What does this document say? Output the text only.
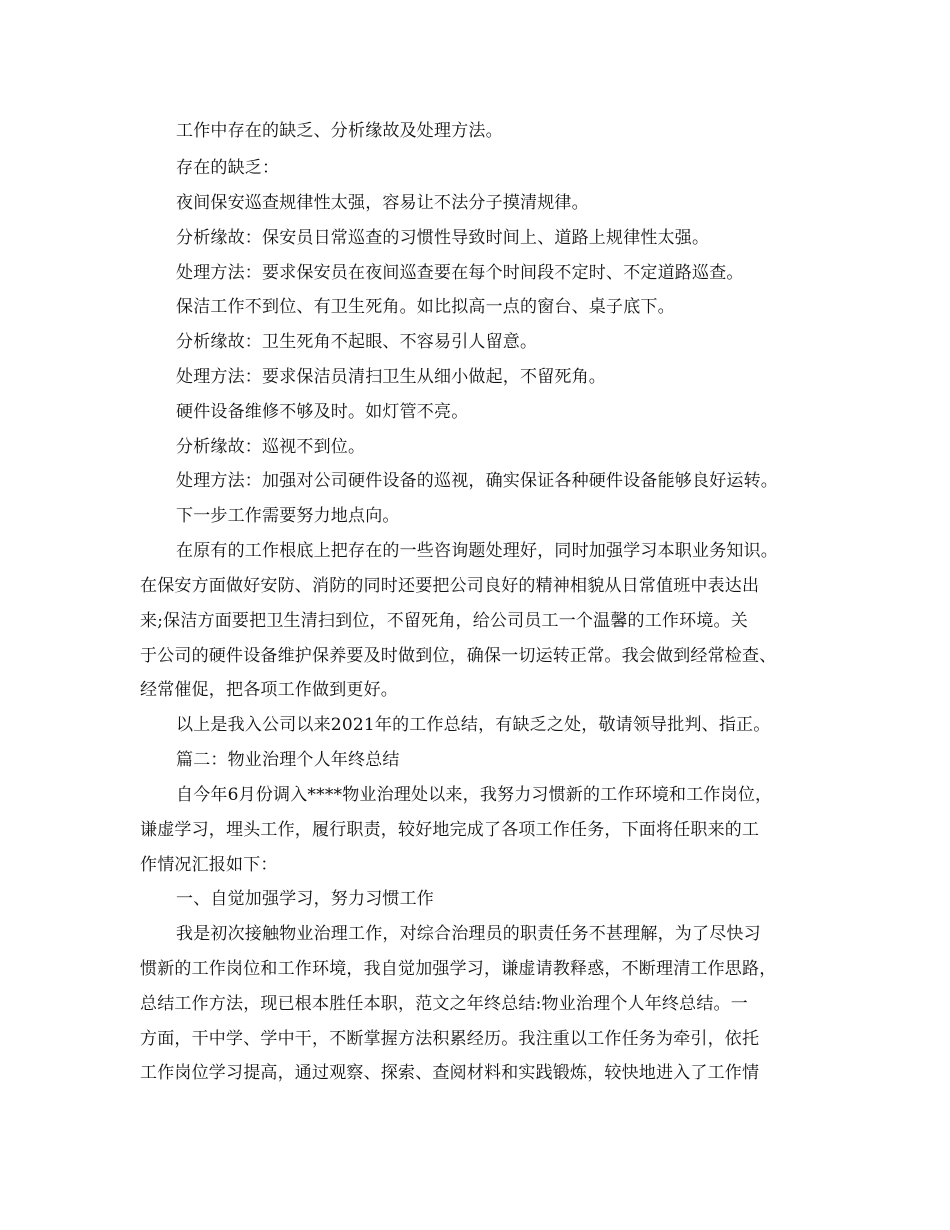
工作中存在的缺乏、分析缘故及处理方法。
存在的缺乏：
夜间保安巡查规律性太强，容易让不法分子摸清规律。
分析缘故：保安员日常巡查的习惯性导致时间上、道路上规律性太强。
处理方法：要求保安员在夜间巡查要在每个时间段不定时、不定道路巡查。
保洁工作不到位、有卫生死角。如比拟高一点的窗台、桌子底下。
分析缘故：卫生死角不起眼、不容易引人留意。
处理方法：要求保洁员清扫卫生从细小做起，不留死角。
硬件设备维修不够及时。如灯管不亮。
分析缘故：巡视不到位。
处理方法：加强对公司硬件设备的巡视，确实保证各种硬件设备能够良好运转。
下一步工作需要努力地点向。
在原有的工作根底上把存在的一些咨询题处理好，同时加强学习本职业务知识。
在保安方面做好安防、消防的同时还要把公司良好的精神相貌从日常值班中表达出
来;保洁方面要把卫生清扫到位，不留死角，给公司员工一个温馨的工作环境。关
于公司的硬件设备维护保养要及时做到位，确保一切运转正常。我会做到经常检查、
经常催促，把各项工作做到更好。
以上是我入公司以来2021年的工作总结，有缺乏之处，敬请领导批判、指正。
篇二：物业治理个人年终总结
自今年6月份调入****物业治理处以来，我努力习惯新的工作环境和工作岗位，
谦虚学习，埋头工作，履行职责，较好地完成了各项工作任务，下面将任职来的工
作情况汇报如下：
一、自觉加强学习，努力习惯工作
我是初次接触物业治理工作，对综合治理员的职责任务不甚理解，为了尽快习
惯新的工作岗位和工作环境，我自觉加强学习，谦虚请教释惑，不断理清工作思路，
总结工作方法，现已根本胜任本职，范文之年终总结:物业治理个人年终总结。一
方面，干中学、学中干，不断掌握方法积累经历。我注重以工作任务为牵引，依托
工作岗位学习提高，通过观察、探索、查阅材料和实践锻炼，较快地进入了工作情
